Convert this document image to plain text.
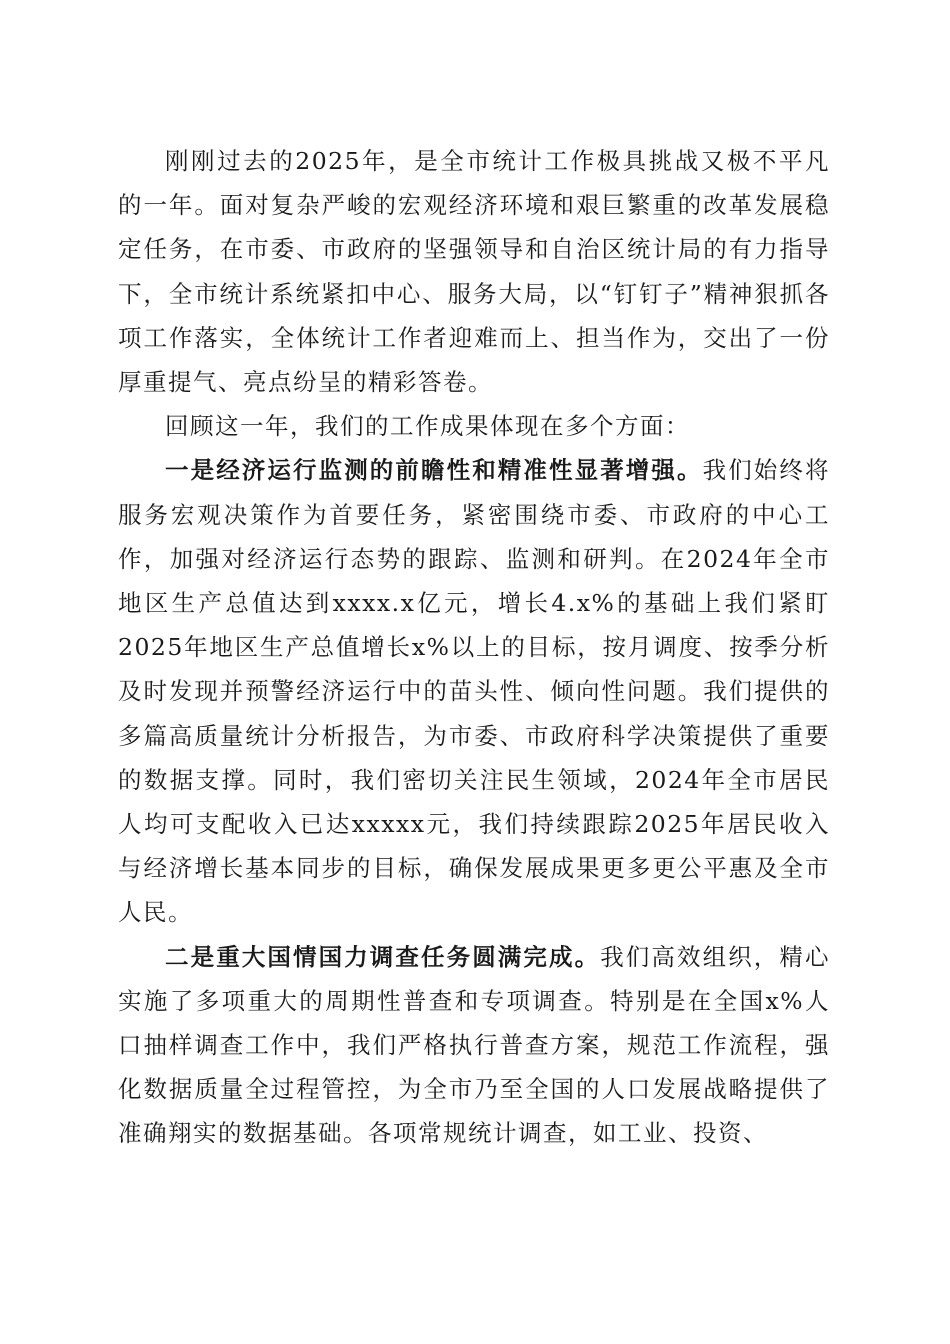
刚刚过去的2025年，是全市统计工作极具挑战又极不平凡的一年。面对复杂严峻的宏观经济环境和艰巨繁重的改革发展稳定任务，在市委、市政府的坚强领导和自治区统计局的有力指导下，全市统计系统紧扣中心、服务大局，以“钉钉子”精神狠抓各项工作落实，全体统计工作者迎难而上、担当作为，交出了一份厚重提气、亮点纷呈的精彩答卷。

回顾这一年，我们的工作成果体现在多个方面：

一是经济运行监测的前瞻性和精准性显著增强。我们始终将服务宏观决策作为首要任务，紧密围绕市委、市政府的中心工作，加强对经济运行态势的跟踪、监测和研判。在2024年全市地区生产总值达到xxxx.x亿元，增长4.x%的基础上我们紧盯2025年地区生产总值增长x%以上的目标，按月调度、按季分析及时发现并预警经济运行中的苗头性、倾向性问题。我们提供的多篇高质量统计分析报告，为市委、市政府科学决策提供了重要的数据支撑。同时，我们密切关注民生领域，2024年全市居民人均可支配收入已达xxxxx元，我们持续跟踪2025年居民收入与经济增长基本同步的目标，确保发展成果更多更公平惠及全市人民。

二是重大国情国力调查任务圆满完成。我们高效组织，精心实施了多项重大的周期性普查和专项调查。特别是在全国x%人口抽样调查工作中，我们严格执行普查方案，规范工作流程，强化数据质量全过程管控，为全市乃至全国的人口发展战略提供了准确翔实的数据基础。各项常规统计调查，如工业、投资、
